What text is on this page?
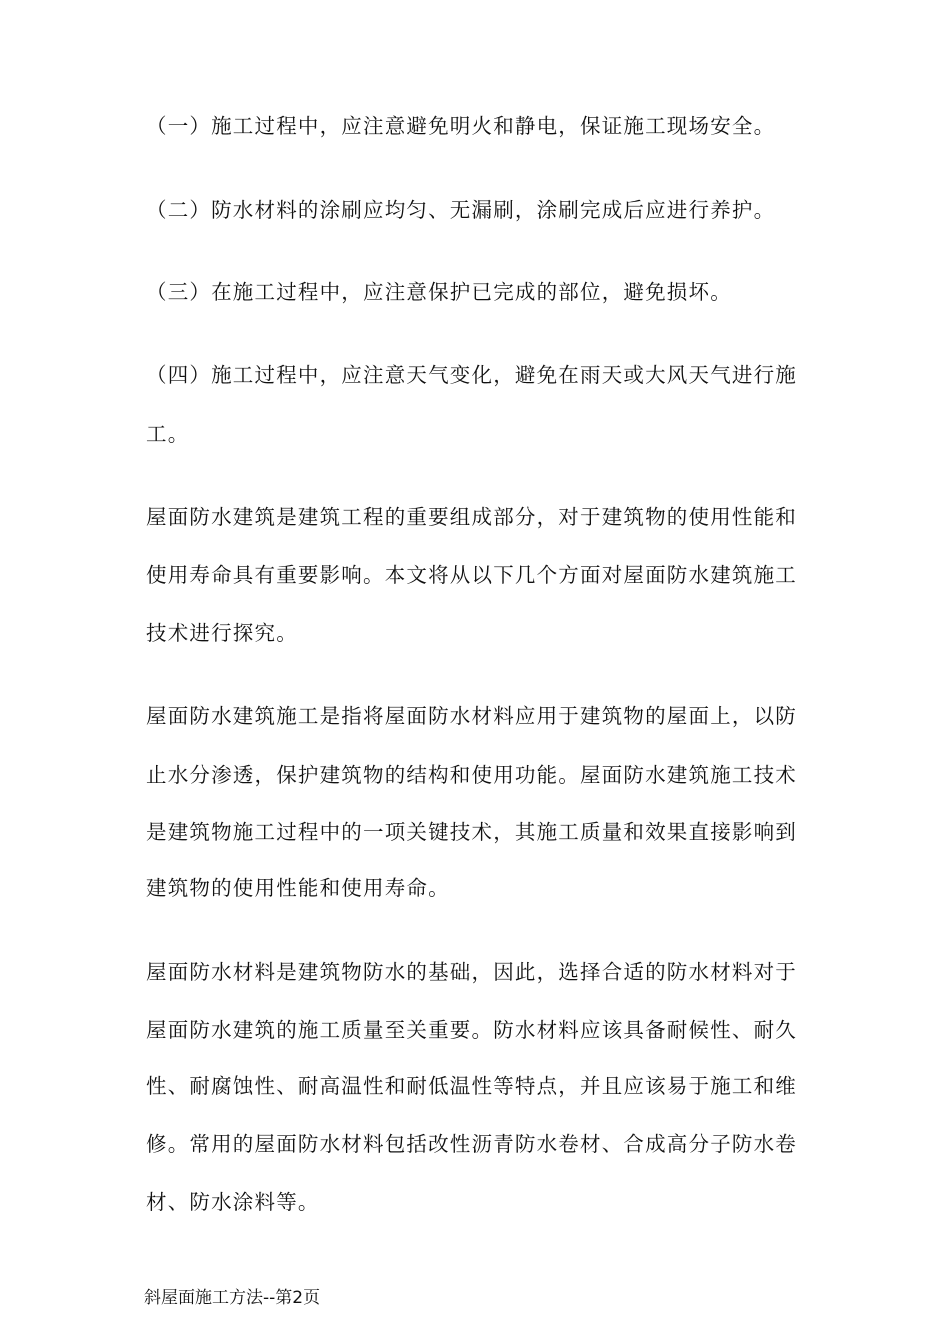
（一）施工过程中，应注意避免明火和静电，保证施工现场安全。
（二）防水材料的涂刷应均匀、无漏刷，涂刷完成后应进行养护。
（三）在施工过程中，应注意保护已完成的部位，避免损坏。
（四）施工过程中，应注意天气变化，避免在雨天或大风天气进行施
工。
屋面防水建筑是建筑工程的重要组成部分，对于建筑物的使用性能和
使用寿命具有重要影响。本文将从以下几个方面对屋面防水建筑施工
技术进行探究。
屋面防水建筑施工是指将屋面防水材料应用于建筑物的屋面上，以防
止水分渗透，保护建筑物的结构和使用功能。屋面防水建筑施工技术
是建筑物施工过程中的一项关键技术，其施工质量和效果直接影响到
建筑物的使用性能和使用寿命。
屋面防水材料是建筑物防水的基础，因此，选择合适的防水材料对于
屋面防水建筑的施工质量至关重要。防水材料应该具备耐候性、耐久
性、耐腐蚀性、耐高温性和耐低温性等特点，并且应该易于施工和维
修。常用的屋面防水材料包括改性沥青防水卷材、合成高分子防水卷
材、防水涂料等。
斜屋面施工方法--第2页
